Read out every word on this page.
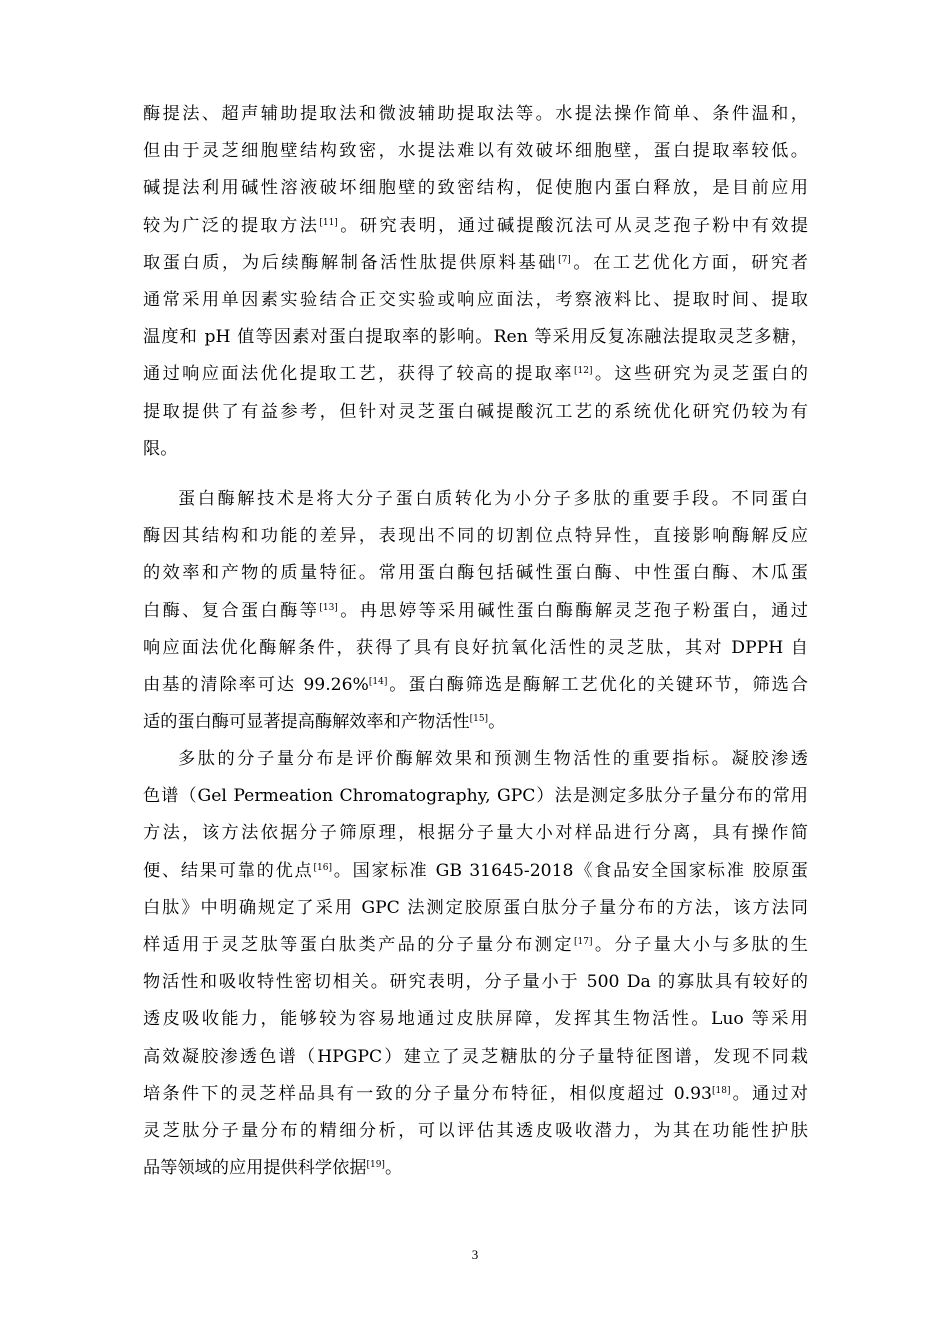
酶提法、超声辅助提取法和微波辅助提取法等。水提法操作简单、条件温和，
但由于灵芝细胞壁结构致密，水提法难以有效破坏细胞壁，蛋白提取率较低。
碱提法利用碱性溶液破坏细胞壁的致密结构，促使胞内蛋白释放，是目前应用
较为广泛的提取方法[11]。研究表明，通过碱提酸沉法可从灵芝孢子粉中有效提
取蛋白质，为后续酶解制备活性肽提供原料基础[7]。在工艺优化方面，研究者
通常采用单因素实验结合正交实验或响应面法，考察液料比、提取时间、提取
温度和 pH 值等因素对蛋白提取率的影响。Ren 等采用反复冻融法提取灵芝多糖，
通过响应面法优化提取工艺，获得了较高的提取率[12]。这些研究为灵芝蛋白的
提取提供了有益参考，但针对灵芝蛋白碱提酸沉工艺的系统优化研究仍较为有
限。
蛋白酶解技术是将大分子蛋白质转化为小分子多肽的重要手段。不同蛋白
酶因其结构和功能的差异，表现出不同的切割位点特异性，直接影响酶解反应
的效率和产物的质量特征。常用蛋白酶包括碱性蛋白酶、中性蛋白酶、木瓜蛋
白酶、复合蛋白酶等[13]。冉思婷等采用碱性蛋白酶酶解灵芝孢子粉蛋白，通过
响应面法优化酶解条件，获得了具有良好抗氧化活性的灵芝肽，其对 DPPH 自
由基的清除率可达 99.26%[14]。蛋白酶筛选是酶解工艺优化的关键环节，筛选合
适的蛋白酶可显著提高酶解效率和产物活性[15]。
多肽的分子量分布是评价酶解效果和预测生物活性的重要指标。凝胶渗透
色谱（Gel Permeation Chromatography, GPC）法是测定多肽分子量分布的常用
方法，该方法依据分子筛原理，根据分子量大小对样品进行分离，具有操作简
便、结果可靠的优点[16]。国家标准 GB 31645-2018《食品安全国家标准 胶原蛋
白肽》中明确规定了采用 GPC 法测定胶原蛋白肽分子量分布的方法，该方法同
样适用于灵芝肽等蛋白肽类产品的分子量分布测定[17]。分子量大小与多肽的生
物活性和吸收特性密切相关。研究表明，分子量小于 500 Da 的寡肽具有较好的
透皮吸收能力，能够较为容易地通过皮肤屏障，发挥其生物活性。Luo 等采用
高效凝胶渗透色谱（HPGPC）建立了灵芝糖肽的分子量特征图谱，发现不同栽
培条件下的灵芝样品具有一致的分子量分布特征，相似度超过 0.93[18]。通过对
灵芝肽分子量分布的精细分析，可以评估其透皮吸收潜力，为其在功能性护肤
品等领域的应用提供科学依据[19]。
3
